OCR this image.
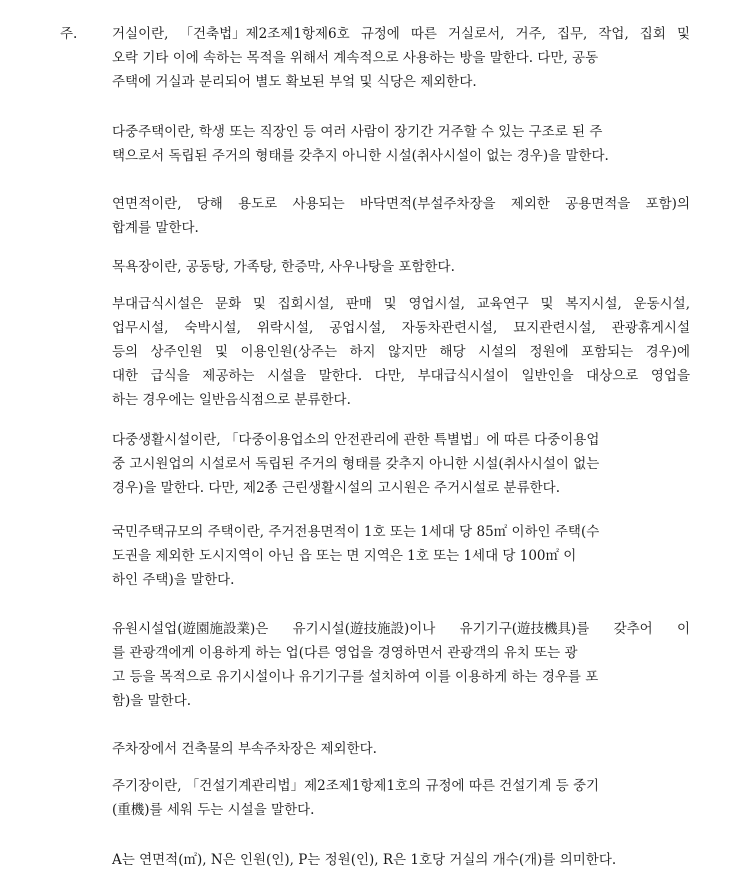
주.	거실이란, 「건축법」제2조제1항제6호 규정에 따른 거실로서, 거주, 집무, 작업, 집회 및
오락 기타 이에 속하는 목적을 위해서 계속적으로 사용하는 방을 말한다. 다만, 공동
주택에 거실과 분리되어 별도 확보된 부엌 및 식당은 제외한다.
다중주택이란, 학생 또는 직장인 등 여러 사람이 장기간 거주할 수 있는 구조로 된 주
택으로서 독립된 주거의 형태를 갖추지 아니한 시설(취사시설이 없는 경우)을 말한다.
연면적이란, 당해 용도로 사용되는 바닥면적(부설주차장을 제외한 공용면적을 포함)의
합계를 말한다.
목욕장이란, 공동탕, 가족탕, 한증막, 사우나탕을 포함한다.
부대급식시설은 문화 및 집회시설, 판매 및 영업시설, 교육연구 및 복지시설, 운동시설,
업무시설, 숙박시설, 위락시설, 공업시설, 자동차관련시설, 묘지관련시설, 관광휴게시설
등의 상주인원 및 이용인원(상주는 하지 않지만 해당 시설의 정원에 포함되는 경우)에
대한 급식을 제공하는 시설을 말한다. 다만, 부대급식시설이 일반인을 대상으로 영업을
하는 경우에는 일반음식점으로 분류한다.
다중생활시설이란, 「다중이용업소의 안전관리에 관한 특별법」에 따른 다중이용업
중 고시원업의 시설로서 독립된 주거의 형태를 갖추지 아니한 시설(취사시설이 없는
경우)을 말한다. 다만, 제2종 근린생활시설의 고시원은 주거시설로 분류한다.
국민주택규모의 주택이란, 주거전용면적이 1호 또는 1세대 당 85㎡ 이하인 주택(수
도권을 제외한 도시지역이 아닌 읍 또는 면 지역은 1호 또는 1세대 당 100㎡ 이
하인 주택)을 말한다.
유원시설업(遊園施設業)은 유기시설(遊技施設)이나 유기기구(遊技機具)를 갖추어 이
를 관광객에게 이용하게 하는 업(다른 영업을 경영하면서 관광객의 유치 또는 광
고 등을 목적으로 유기시설이나 유기기구를 설치하여 이를 이용하게 하는 경우를 포
함)을 말한다.
주차장에서 건축물의 부속주차장은 제외한다.
주기장이란, 「건설기계관리법」제2조제1항제1호의 규정에 따른 건설기계 등 중기
(重機)를 세워 두는 시설을 말한다.
A는 연면적(㎡), N은 인원(인), P는 정원(인), R은 1호당 거실의 개수(개)를 의미한다.
